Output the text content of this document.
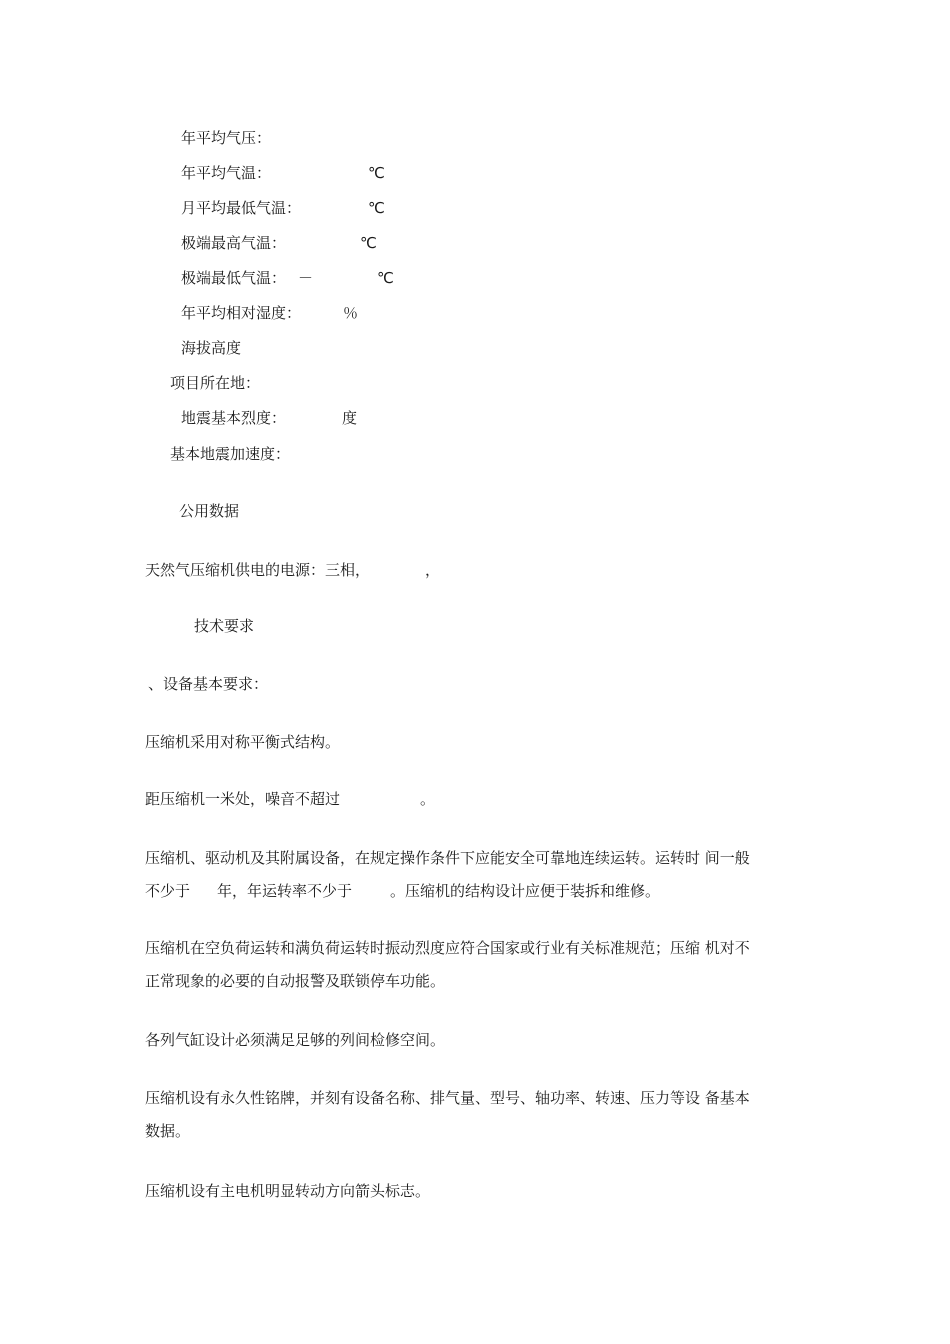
年平均气压：
年平均气温：	℃
月平均最低气温：	℃
极端最高气温：	℃
极端最低气温： －	℃
年平均相对湿度：	％
海拔高度
项目所在地：
地震基本烈度：	度
基本地震加速度：
公用数据
天然气压缩机供电的电源：三相，	，
技术要求
、设备基本要求：
压缩机采用对称平衡式结构。
距压缩机一米处，噪音不超过	。
压缩机、驱动机及其附属设备，在规定操作条件下应能安全可靠地连续运转。运转时 间一般
不少于 年，年运转率不少于	。压缩机的结构设计应便于装拆和维修。
压缩机在空负荷运转和满负荷运转时振动烈度应符合国家或行业有关标准规范；压缩 机对不
正常现象的必要的自动报警及联锁停车功能。
各列气缸设计必须满足足够的列间检修空间。
压缩机设有永久性铭牌，并刻有设备名称、排气量、型号、轴功率、转速、压力等设 备基本
数据。
压缩机设有主电机明显转动方向箭头标志。
